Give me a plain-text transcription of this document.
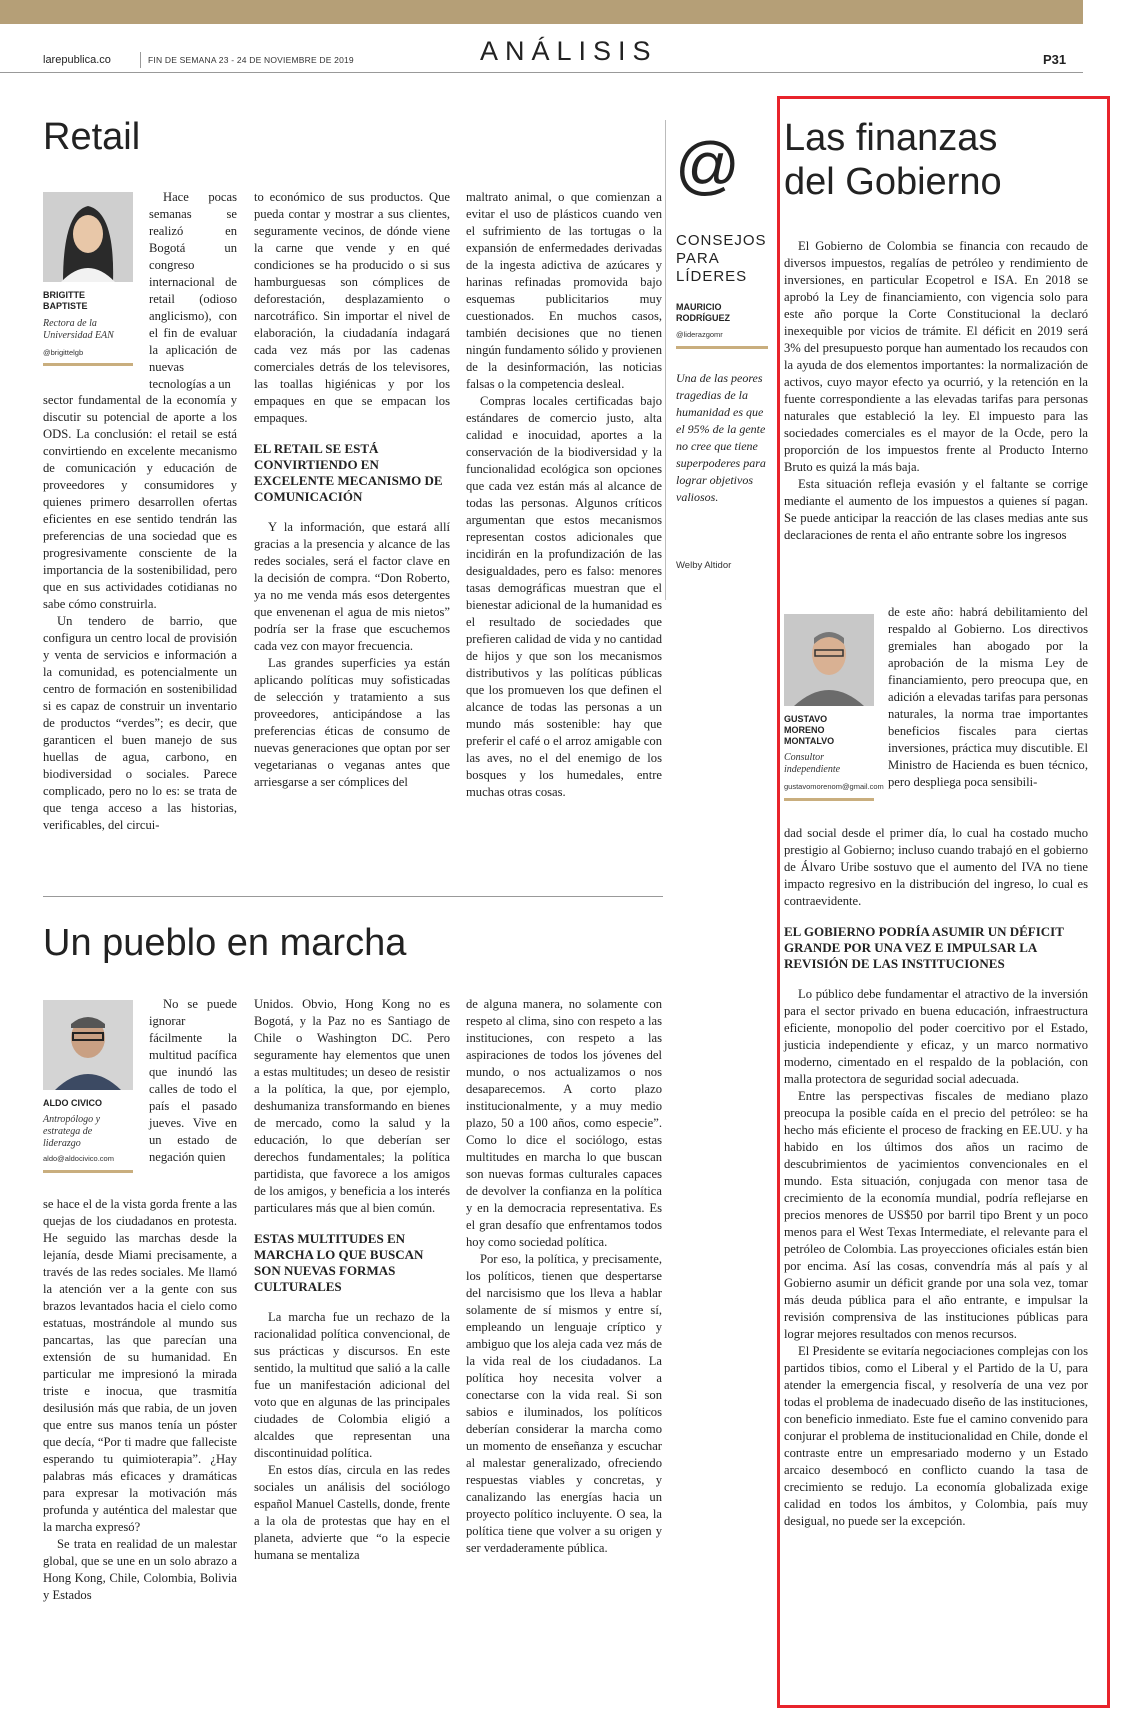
larepublica.co	FIN DE SEMANA 23 - 24 DE NOVIEMBRE DE 2019	ANÁLISIS	P31
Retail
BRIGITTE BAPTISTE
Rectora de la Universidad EAN
@brigittelgb

Hace pocas semanas se realizó en Bogotá un congreso internacional de retail (odioso anglicismo), con el fin de evaluar la aplicación de nuevas tecnologías a un

sector fundamental de la economía y discutir su potencial de aporte a los ODS. La conclusión: el retail se está convirtiendo en excelente mecanismo de comunicación y educación de proveedores y consumidores y quienes primero desarrollen ofertas eficientes en ese sentido tendrán las preferencias de una sociedad que es progresivamente consciente de la importancia de la sostenibilidad, pero que en sus actividades cotidianas no sabe cómo construirla.

Un tendero de barrio, que configura un centro local de provisión y venta de servicios e información a la comunidad, es potencialmente un centro de formación en sostenibilidad si es capaz de construir un inventario de productos “verdes”; es decir, que garanticen el buen manejo de sus huellas de agua, carbono, en biodiversidad o sociales. Parece complicado, pero no lo es: se trata de que tenga acceso a las historias, verificables, del circui-

to económico de sus productos. Que pueda contar y mostrar a sus clientes, seguramente vecinos, de dónde viene la carne que vende y en qué condiciones se ha producido o si sus hamburguesas son cómplices de deforestación, desplazamiento o narcotráfico. Sin importar el nivel de elaboración, la ciudadanía indagará cada vez más por las cadenas comerciales detrás de los televisores, las toallas higiénicas y por los empaques en que se empacan los empaques.

EL RETAIL SE ESTÁ CONVIRTIENDO EN EXCELENTE MECANISMO DE COMUNICACIÓN

Y la información, que estará allí gracias a la presencia y alcance de las redes sociales, será el factor clave en la decisión de compra. “Don Roberto, ya no me venda más esos detergentes que envenenan el agua de mis nietos” podría ser la frase que escuchemos cada vez con mayor frecuencia.

Las grandes superficies ya están aplicando políticas muy sofisticadas de selección y tratamiento a sus proveedores, anticipándose a las preferencias éticas de consumo de nuevas generaciones que optan por ser vegetarianas o veganas antes que arriesgarse a ser cómplices del

maltrato animal, o que comienzan a evitar el uso de plásticos cuando ven el sufrimiento de las tortugas o la expansión de enfermedades derivadas de la ingesta adictiva de azúcares y harinas refinadas promovida bajo esquemas publicitarios muy cuestionados. En muchos casos, también decisiones que no tienen ningún fundamento sólido y provienen de la desinformación, las noticias falsas o la competencia desleal.

Compras locales certificadas bajo estándares de comercio justo, alta calidad e inocuidad, aportes a la conservación de la biodiversidad y la funcionalidad ecológica son opciones que cada vez están más al alcance de todas las personas. Algunos críticos argumentan que estos mecanismos representan costos adicionales que incidirán en la profundización de las desigualdades, pero es falso: menores tasas demográficas muestran que el bienestar adicional de la humanidad es el resultado de sociedades que prefieren calidad de vida y no cantidad de hijos y que son los mecanismos distributivos y las políticas públicas que los promueven los que definen el alcance de todas las personas a un mundo más sostenible: hay que preferir el café o el arroz amigable con las aves, no el del enemigo de los bosques y los humedales, entre muchas otras cosas.

@
CONSEJOS
PARA
LÍDERES
MAURICIO RODRÍGUEZ
@liderazgomr
Una de las peores tragedias de la humanidad es que el 95% de la gente no cree que tiene superpoderes para lograr objetivos valiosos.
Welby Altidor
Un pueblo en marcha
ALDO CIVICO
Antropólogo y estratega de liderazgo
aldo@aldocivico.com

No se puede ignorar fácilmente la multitud pacífica que inundó las calles de todo el país el pasado jueves. Vive en un estado de negación quien

se hace el de la vista gorda frente a las quejas de los ciudadanos en protesta. He seguido las marchas desde la lejanía, desde Miami precisamente, a través de las redes sociales. Me llamó la atención ver a la gente con sus brazos levantados hacia el cielo como estatuas, mostrándole al mundo sus pancartas, las que parecían una extensión de su humanidad. En particular me impresionó la mirada triste e inocua, que trasmitía desilusión más que rabia, de un joven que entre sus manos tenía un póster que decía, “Por ti madre que falleciste esperando tu quimioterapia”. ¿Hay palabras más eficaces y dramáticas para expresar la motivación más profunda y auténtica del malestar que la marcha expresó?

Se trata en realidad de un malestar global, que se une en un solo abrazo a Hong Kong, Chile, Colombia, Bolivia y Estados

Unidos. Obvio, Hong Kong no es Bogotá, y la Paz no es Santiago de Chile o Washington DC. Pero seguramente hay elementos que unen a estas multitudes; un deseo de resistir a la política, la que, por ejemplo, deshumaniza transformando en bienes de mercado, como la salud y la educación, lo que deberían ser derechos fundamentales; la política partidista, que favorece a los amigos de los amigos, y beneficia a los interés particulares más que al bien común.

ESTAS MULTITUDES EN MARCHA LO QUE BUSCAN SON NUEVAS FORMAS CULTURALES

La marcha fue un rechazo de la racionalidad política convencional, de sus prácticas y discursos. En este sentido, la multitud que salió a la calle fue un manifestación adicional del voto que en algunas de las principales ciudades de Colombia eligió a alcaldes que representan una discontinuidad política.

En estos días, circula en las redes sociales un análisis del sociólogo español Manuel Castells, donde, frente a la ola de protestas que hay en el planeta, advierte que “o la especie humana se mentaliza

de alguna manera, no solamente con respeto al clima, sino con respeto a las instituciones, con respeto a las aspiraciones de todos los jóvenes del mundo, o nos actualizamos o nos desaparecemos. A corto plazo institucionalmente, y a muy medio plazo, 50 a 100 años, como especie”. Como lo dice el sociólogo, estas multitudes en marcha lo que buscan son nuevas formas culturales capaces de devolver la confianza en la política y en la democracia representativa. Es el gran desafío que enfrentamos todos hoy como sociedad política.

Por eso, la política, y precisamente, los políticos, tienen que despertarse del narcisismo que los lleva a hablar solamente de sí mismos y entre sí, empleando un lenguaje críptico y ambiguo que los aleja cada vez más de la vida real de los ciudadanos. La política hoy necesita volver a conectarse con la vida real. Si son sabios e iluminados, los políticos deberían considerar la marcha como un momento de enseñanza y escuchar al malestar generalizado, ofreciendo respuestas viables y concretas, y canalizando las energías hacia un proyecto político incluyente. O sea, la política tiene que volver a su origen y ser verdaderamente pública.

Las finanzas
del Gobierno

El Gobierno de Colombia se financia con recaudo de diversos impuestos, regalías de petróleo y rendimiento de inversiones, en particular Ecopetrol e ISA. En 2018 se aprobó la Ley de financiamiento, con vigencia solo para este año porque la Corte Constitucional la declaró inexequible por vicios de trámite. El déficit en 2019 será 3% del presupuesto porque han aumentado los recaudos con la ayuda de dos elementos importantes: la normalización de activos, cuyo mayor efecto ya ocurrió, y la retención en la fuente correspondiente a las elevadas tarifas para personas naturales que estableció la ley. El impuesto para las sociedades comerciales es el mayor de la Ocde, pero la proporción de los impuestos frente al Producto Interno Bruto es quizá la más baja.

Esta situación refleja evasión y el faltante se corrige mediante el aumento de los impuestos a quienes sí pagan. Se puede anticipar la reacción de las clases medias ante sus declaraciones de renta el año entrante sobre los ingresos

GUSTAVO MORENO MONTALVO
Consultor independiente
gustavomorenom@gmail.com

de este año: habrá debilitamiento del respaldo al Gobierno. Los directivos gremiales han abogado por la aprobación de la misma Ley de financiamiento, pero preocupa que, en adición a elevadas tarifas para personas naturales, la norma trae importantes beneficios fiscales para ciertas inversiones, práctica muy discutible. El Ministro de Hacienda es buen técnico, pero despliega poca sensibili-

dad social desde el primer día, lo cual ha costado mucho prestigio al Gobierno; incluso cuando trabajó en el gobierno de Álvaro Uribe sostuvo que el aumento del IVA no tiene impacto regresivo en la distribución del ingreso, lo cual es contraevidente.

EL GOBIERNO PODRÍA ASUMIR UN DÉFICIT GRANDE POR UNA VEZ E IMPULSAR LA REVISIÓN DE LAS INSTITUCIONES

Lo público debe fundamentar el atractivo de la inversión para el sector privado en buena educación, infraestructura eficiente, monopolio del poder coercitivo por el Estado, justicia independiente y eficaz, y un marco normativo moderno, cimentado en el respaldo de la población, con malla protectora de seguridad social adecuada.

Entre las perspectivas fiscales de mediano plazo preocupa la posible caída en el precio del petróleo: se ha hecho más eficiente el proceso de fracking en EE.UU. y ha habido en los últimos dos años un racimo de descubrimientos de yacimientos convencionales en el mundo. Esta situación, conjugada con menor tasa de crecimiento de la economía mundial, podría reflejarse en precios menores de US$50 por barril tipo Brent y un poco menos para el West Texas Intermediate, el relevante para el petróleo de Colombia. Las proyecciones oficiales están bien por encima. Así las cosas, convendría más al país y al Gobierno asumir un déficit grande por una sola vez, tomar más deuda pública para el año entrante, e impulsar la revisión comprensiva de las instituciones públicas para lograr mejores resultados con menos recursos.

El Presidente se evitaría negociaciones complejas con los partidos tibios, como el Liberal y el Partido de la U, para atender la emergencia fiscal, y resolvería de una vez por todas el problema de inadecuado diseño de las instituciones, con beneficio inmediato. Este fue el camino convenido para conjurar el problema de institucionalidad en Chile, donde el contraste entre un empresariado moderno y un Estado arcaico desembocó en conflicto cuando la tasa de crecimiento se redujo. La economía globalizada exige calidad en todos los ámbitos, y Colombia, país muy desigual, no puede ser la excepción.
